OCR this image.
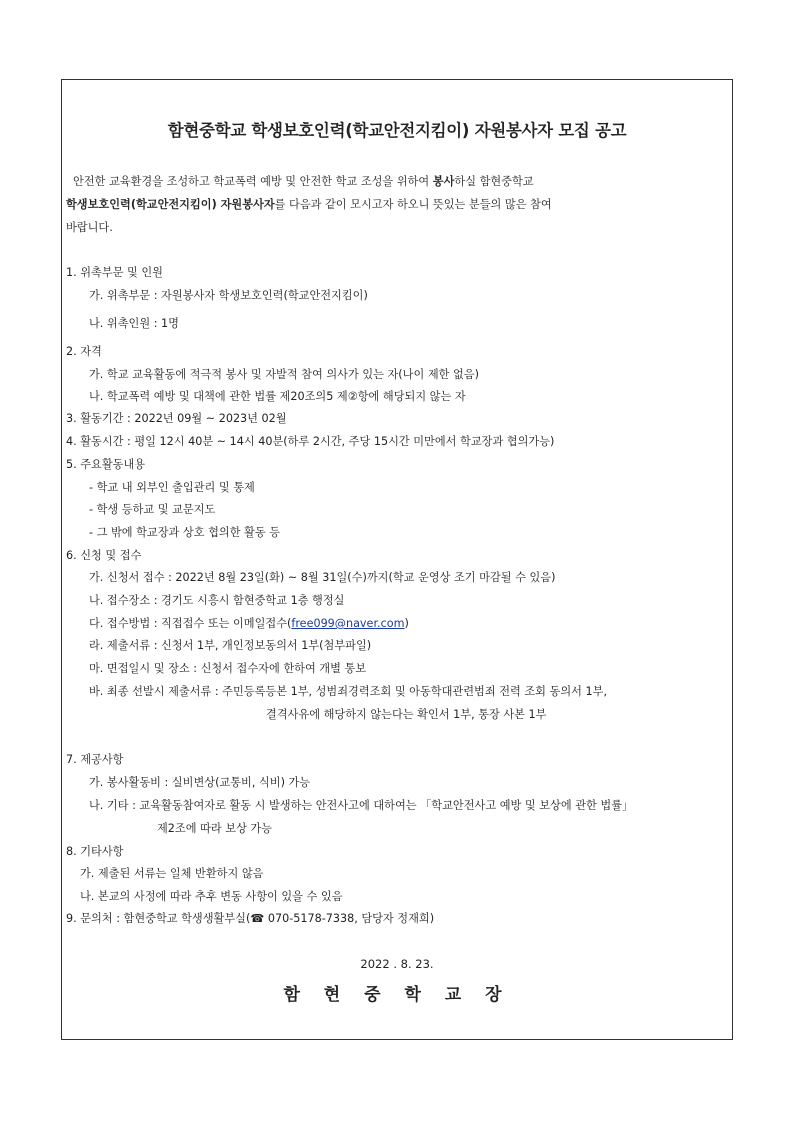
함현중학교 학생보호인력(학교안전지킴이) 자원봉사자 모집 공고
안전한 교육환경을 조성하고 학교폭력 예방 및 안전한 학교 조성을 위하여 봉사하실 함현중학교
학생보호인력(학교안전지킴이) 자원봉사자를 다음과 같이 모시고자 하오니 뜻있는 분들의 많은 참여
바랍니다.
1. 위촉부문 및 인원
가. 위촉부문 : 자원봉사자 학생보호인력(학교안전지킴이)
나. 위촉인원 : 1명
2. 자격
가. 학교 교육활동에 적극적 봉사 및 자발적 참여 의사가 있는 자(나이 제한 없음)
나. 학교폭력 예방 및 대책에 관한 법률 제20조의5 제②항에 해당되지 않는 자
3. 활동기간 : 2022년 09월 ~ 2023년 02월
4. 활동시간 : 평일 12시 40분 ~ 14시 40분(하루 2시간, 주당 15시간 미만에서 학교장과 협의가능)
5. 주요활동내용
- 학교 내 외부인 출입관리 및 통제
- 학생 등하교 및 교문지도
- 그 밖에 학교장과 상호 협의한 활동 등
6. 신청 및 접수
가. 신청서 접수 : 2022년 8월 23일(화) ~ 8월 31일(수)까지(학교 운영상 조기 마감될 수 있음)
나. 접수장소 : 경기도 시흥시 함현중학교 1층 행정실
다. 접수방법 : 직접접수 또는 이메일접수(free099@naver.com)
라. 제출서류 : 신청서 1부, 개인정보동의서 1부(첨부파일)
마. 면접일시 및 장소 : 신청서 접수자에 한하여 개별 통보
바. 최종 선발시 제출서류 : 주민등록등본 1부, 성범죄경력조회 및 아동학대관련범죄 전력 조회 동의서 1부,
결격사유에 해당하지 않는다는 확인서 1부, 통장 사본 1부
7. 제공사항
가. 봉사활동비 : 실비변상(교통비, 식비) 가능
나. 기타 : 교육활동참여자로 활동 시 발생하는 안전사고에 대하여는 「학교안전사고 예방 및 보상에 관한 법률」
제2조에 따라 보상 가능
8. 기타사항
가. 제출된 서류는 일체 반환하지 않음
나. 본교의 사정에 따라 추후 변동 사항이 있을 수 있음
9. 문의처 : 함현중학교 학생생활부실(☎ 070-5178-7338, 담당자 정재희)
2022 . 8. 23.
함 현 중 학 교 장
